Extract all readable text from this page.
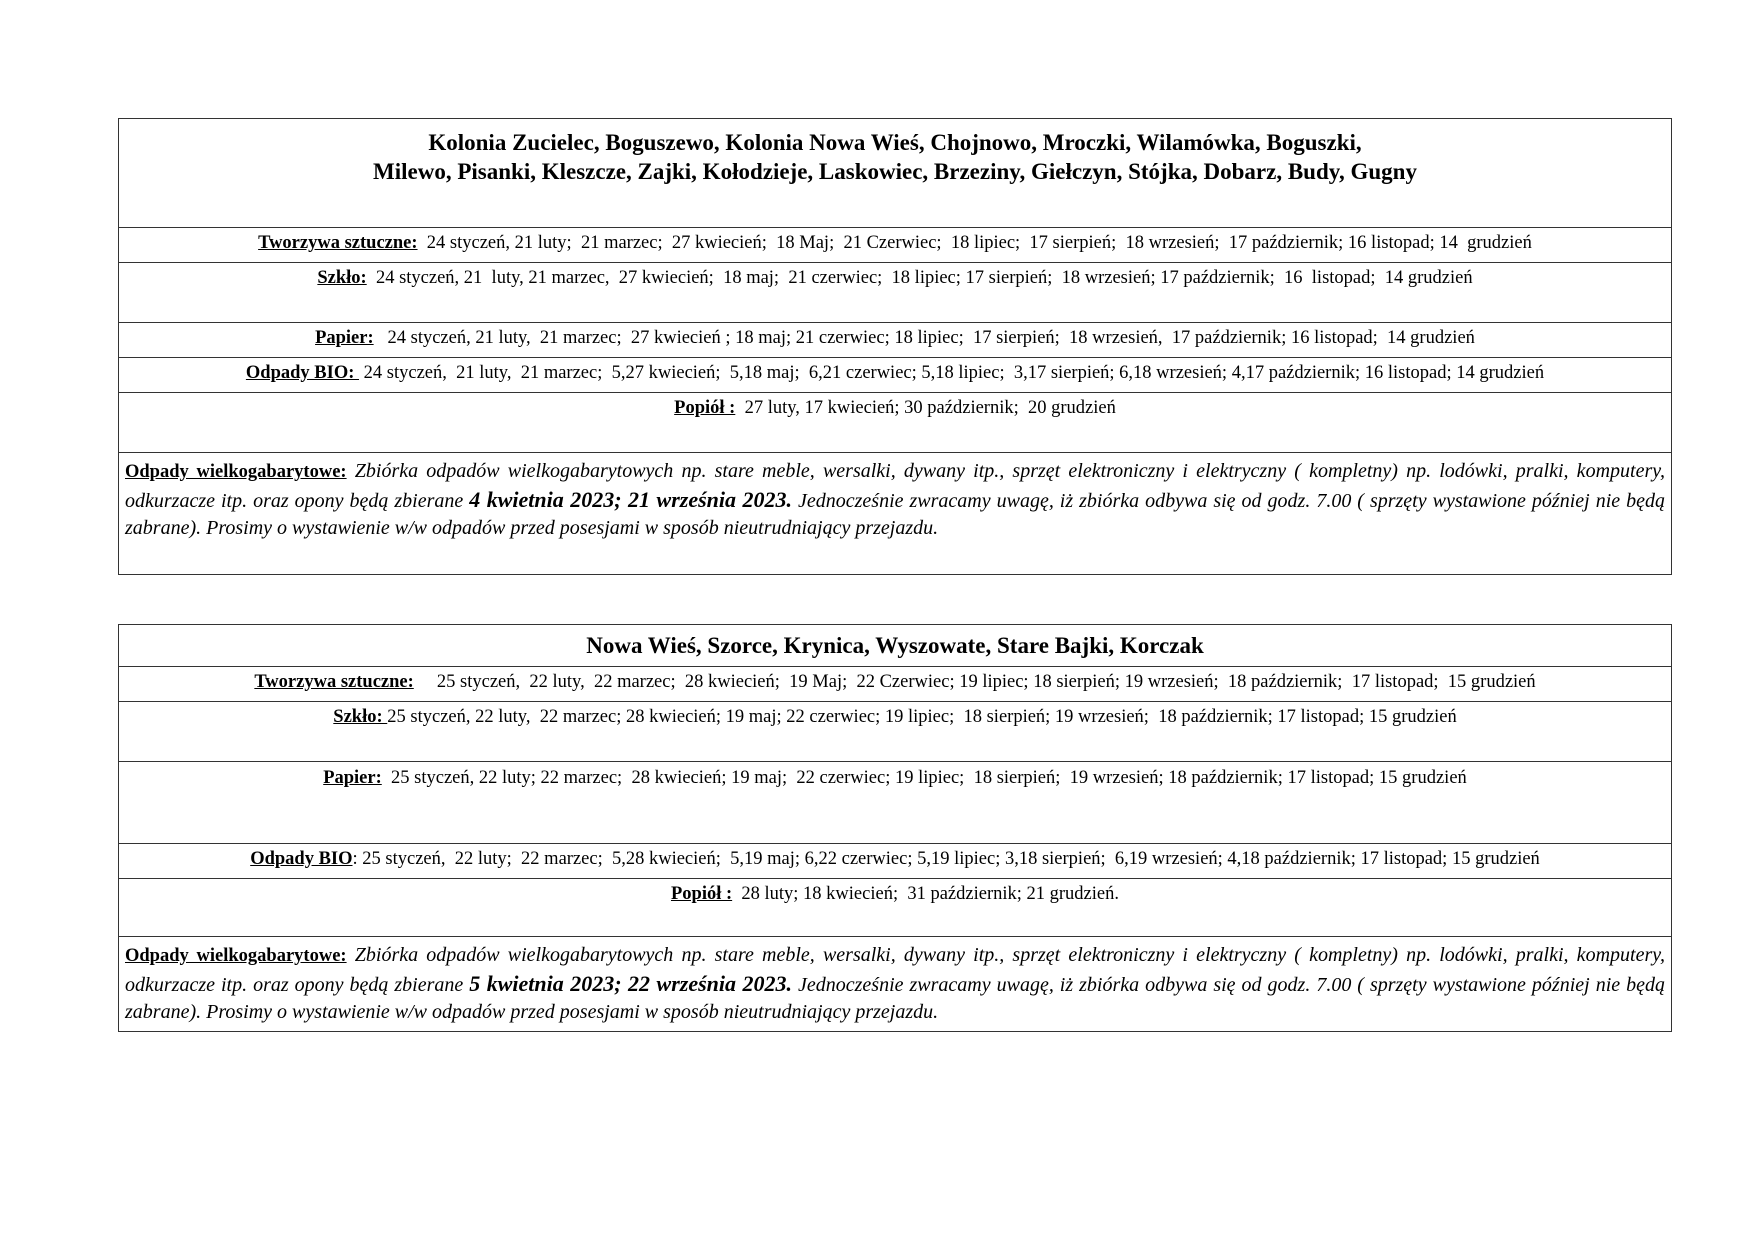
Kolonia Zucielec, Boguszewo, Kolonia Nowa Wieś, Chojnowo, Mroczki, Wilamówka, Boguszki,
Milewo, Pisanki, Kleszcze, Zajki, Kołodzieje, Laskowiec, Brzeziny, Giełczyn, Stójka, Dobarz, Budy, Gugny
Tworzywa sztuczne:  24 styczeń, 21 luty;  21 marzec;  27 kwiecień;  18 Maj;  21 Czerwiec;  18 lipiec;  17 sierpień;  18 wrzesień;  17 październik; 16 listopad; 14  grudzień
Szkło:  24 styczeń, 21  luty, 21 marzec,  27 kwiecień;  18 maj;  21 czerwiec;  18 lipiec; 17 sierpień;  18 wrzesień; 17 październik;  16  listopad;  14 grudzień
Papier:   24 styczeń, 21 luty,  21 marzec;  27 kwiecień ; 18 maj; 21 czerwiec; 18 lipiec;  17 sierpień;  18 wrzesień,  17 październik; 16 listopad;  14 grudzień
Odpady BIO:  24 styczeń,  21 luty,  21 marzec;  5,27 kwiecień;  5,18 maj;  6,21 czerwiec; 5,18 lipiec;  3,17 sierpień; 6,18 wrzesień; 4,17 październik; 16 listopad; 14 grudzień
Popiół :  27 luty, 17 kwiecień; 30 październik;  20 grudzień
Odpady wielkogabarytowe: Zbiórka odpadów wielkogabarytowych np. stare meble, wersalki, dywany itp., sprzęt elektroniczny i elektryczny ( kompletny) np. lodówki, pralki, komputery, odkurzacze itp. oraz opony będą zbierane 4 kwietnia 2023; 21 września 2023. Jednocześnie zwracamy uwagę, iż zbiórka odbywa się od godz. 7.00 ( sprzęty wystawione później nie będą zabrane). Prosimy o wystawienie w/w odpadów przed posesjami w sposób nieutrudniający przejazdu.
Nowa Wieś, Szorce, Krynica, Wyszowate, Stare Bajki, Korczak
Tworzywa sztuczne:     25 styczeń,  22 luty,  22 marzec;  28 kwiecień;  19 Maj;  22 Czerwiec; 19 lipiec; 18 sierpień; 19 wrzesień;  18 październik;  17 listopad;  15 grudzień
Szkło: 25 styczeń, 22 luty,  22 marzec; 28 kwiecień; 19 maj; 22 czerwiec; 19 lipiec;  18 sierpień; 19 wrzesień;  18 październik; 17 listopad; 15 grudzień
Papier:  25 styczeń, 22 luty; 22 marzec;  28 kwiecień; 19 maj;  22 czerwiec; 19 lipiec;  18 sierpień;  19 wrzesień; 18 październik; 17 listopad; 15 grudzień
Odpady BIO: 25 styczeń,  22 luty;  22 marzec;  5,28 kwiecień;  5,19 maj; 6,22 czerwiec; 5,19 lipiec; 3,18 sierpień;  6,19 wrzesień; 4,18 październik; 17 listopad; 15 grudzień
Popiół :  28 luty; 18 kwiecień;  31 październik; 21 grudzień.
Odpady wielkogabarytowe: Zbiórka odpadów wielkogabarytowych np. stare meble, wersalki, dywany itp., sprzęt elektroniczny i elektryczny ( kompletny) np. lodówki, pralki, komputery, odkurzacze itp. oraz opony będą zbierane 5 kwietnia 2023; 22 września 2023. Jednocześnie zwracamy uwagę, iż zbiórka odbywa się od godz. 7.00 ( sprzęty wystawione później nie będą zabrane). Prosimy o wystawienie w/w odpadów przed posesjami w sposób nieutrudniający przejazdu.
